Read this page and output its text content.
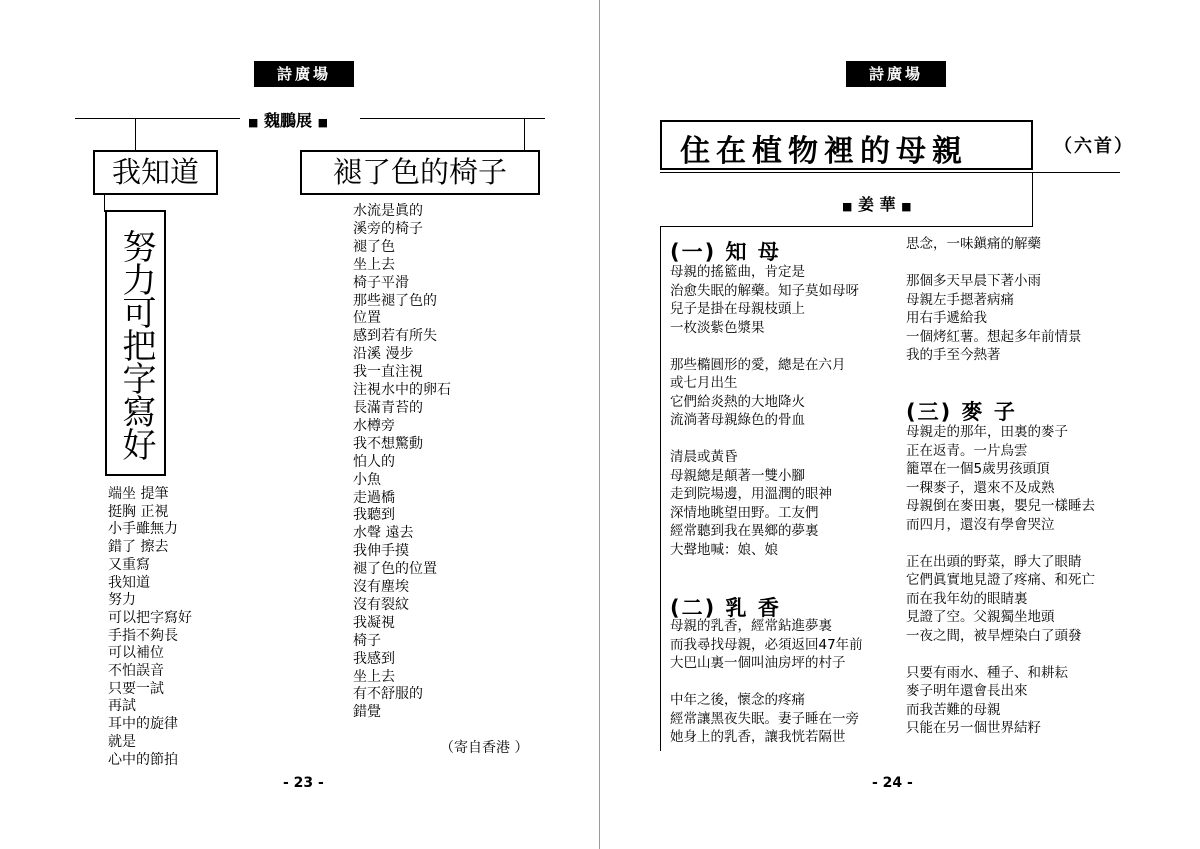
詩廣場
■ 魏鵬展 ■
我知道	褪了色的椅子
努力可把字寫好
端坐 提筆
挺胸 正視
小手雖無力
錯了 擦去
又重寫
我知道
努力
可以把字寫好
手指不夠長
可以補位
不怕誤音
只要一試
再試
耳中的旋律
就是
心中的節拍
水流是眞的
溪旁的椅子
褪了色
坐上去
椅子平滑
那些褪了色的
位置
感到若有所失
沿溪 漫步
我一直注視
注視水中的卵石
長滿青苔的
水樽旁
我不想驚動
怕人的
小魚
走過橋
我聽到
水聲 遠去
我伸手摸
褪了色的位置
沒有塵埃
沒有裂紋
我凝視
椅子
我感到
坐上去
有不舒服的
錯覺
（寄自香港 ）
- 23 -
詩廣場
住在植物裡的母親	（六首）
■ 姜 華 ■
(一) 知 母
母親的搖籃曲，肯定是
治愈失眠的解藥。知子莫如母呀
兒子是掛在母親枝頭上
一枚淡紫色漿果

那些橢圓形的愛，總是在六月
或七月出生
它們給炎熱的大地降火
流淌著母親綠色的骨血

清晨或黃昏
母親總是顛著一雙小腳
走到院場邊，用溫潤的眼神
深情地眺望田野。工友們
經常聽到我在異鄉的夢裏
大聲地喊：娘、娘
(二) 乳 香
母親的乳香，經常鉆進夢裏
而我尋找母親，必須返回47年前
大巴山裏一個叫油房坪的村子

中年之後，懷念的疼痛
經常讓黑夜失眠。妻子睡在一旁
她身上的乳香，讓我恍若隔世
思念，一味鎭痛的解藥

那個多天早晨下著小雨
母親左手摁著病痛
用右手遞給我
一個烤紅薯。想起多年前情景
我的手至今熱著
(三) 麥 子
母親走的那年，田裏的麥子
正在返青。一片烏雲
籠罩在一個5歲男孩頭頂
一稞麥子，還來不及成熟
母親倒在麥田裏，嬰兒一樣睡去
而四月，還沒有學會哭泣

正在出頭的野菜，睜大了眼睛
它們眞實地見證了疼痛、和死亡
而在我年幼的眼睛裏
見證了空。父親獨坐地頭
一夜之間，被旱煙染白了頭發

只要有雨水、種子、和耕耘
麥子明年還會長出來
而我苦難的母親
只能在另一個世界結籽
- 24 -
